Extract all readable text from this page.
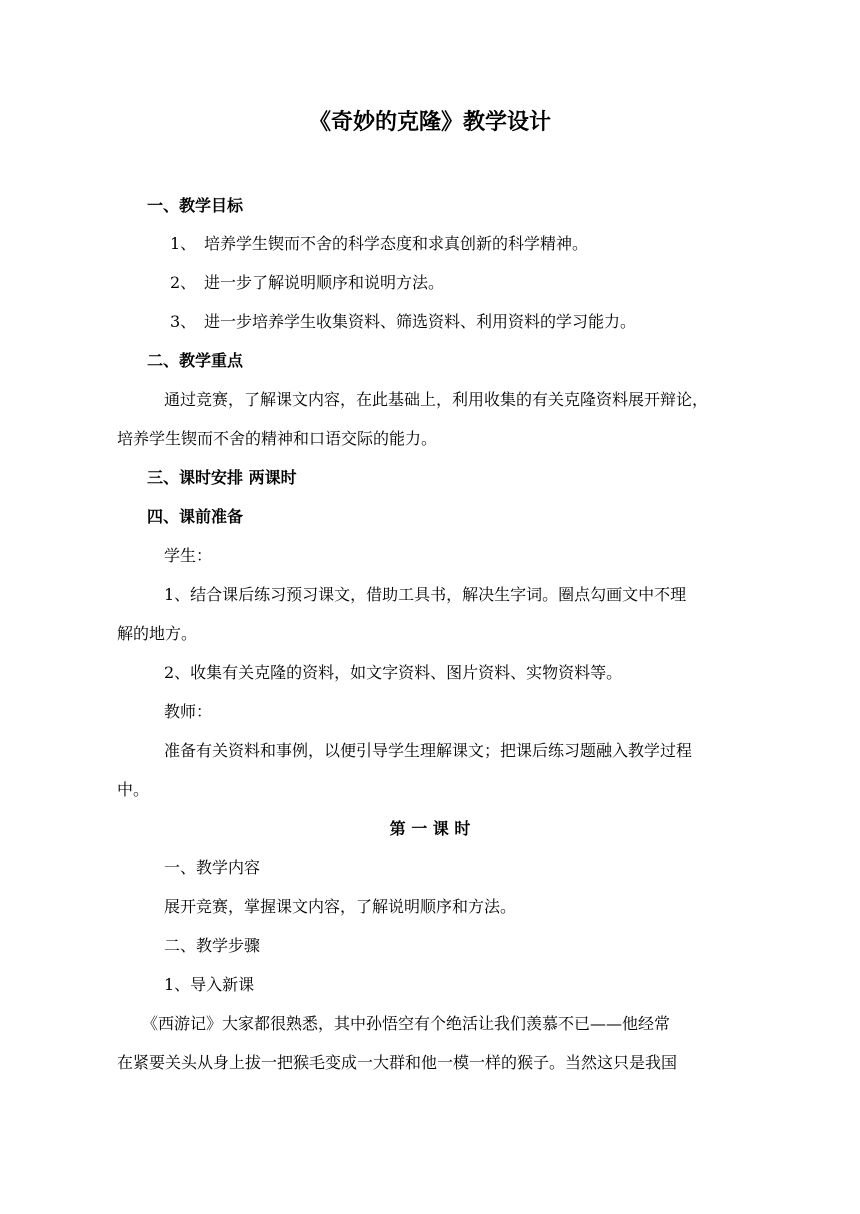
《奇妙的克隆》教学设计
一、教学目标
1、 培养学生锲而不舍的科学态度和求真创新的科学精神。
2、 进一步了解说明顺序和说明方法。
3、 进一步培养学生收集资料、筛选资料、利用资料的学习能力。
二、教学重点
通过竞赛，了解课文内容，在此基础上，利用收集的有关克隆资料展开辩论，
培养学生锲而不舍的精神和口语交际的能力。
三、课时安排 两课时
四、课前准备
学生：
1、结合课后练习预习课文，借助工具书，解决生字词。圈点勾画文中不理
解的地方。
2、收集有关克隆的资料，如文字资料、图片资料、实物资料等。
教师：
准备有关资料和事例，以便引导学生理解课文；把课后练习题融入教学过程
中。
第 一 课 时
一、教学内容
展开竞赛，掌握课文内容，了解说明顺序和方法。
二、教学步骤
1、导入新课
《西游记》大家都很熟悉，其中孙悟空有个绝活让我们羡慕不已——他经常
在紧要关头从身上拔一把猴毛变成一大群和他一模一样的猴子。当然这只是我国
